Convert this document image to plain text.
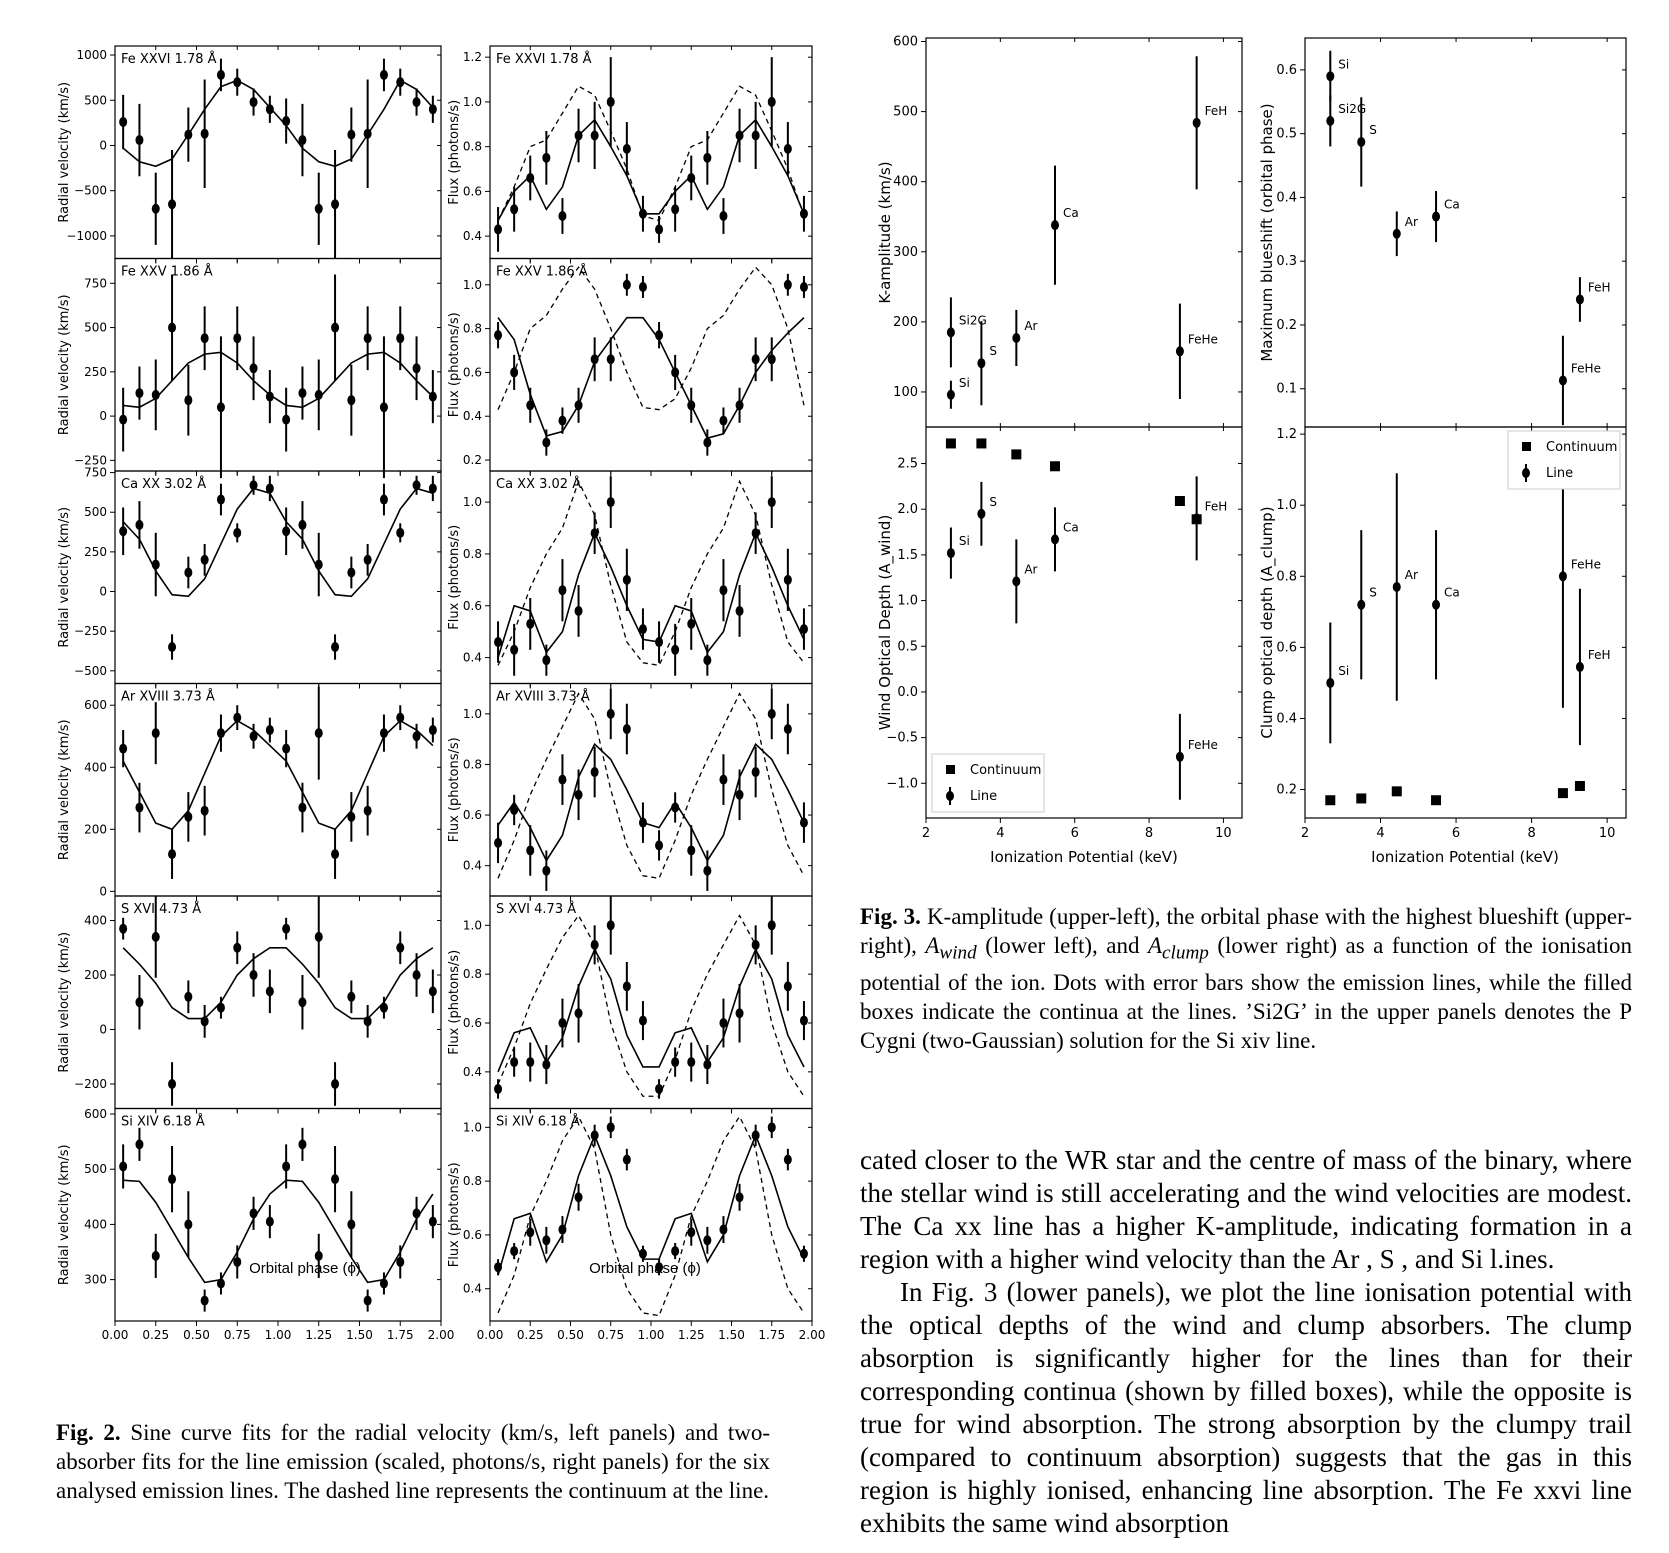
1000
500
0
−500
−1000
Radial velocity (km/s)
Fe XXVI 1.78 Å	1.2
1.0
0.8
0.6
0.4
Flux (photons/s)
Fe XXVI 1.78 Å
750
500
250
0
−250
Radial velocity (km/s)
Fe XXV 1.86 Å
1.0
0.8
0.6
0.4
0.2
Flux (photons/s)
Fe XXV 1.86 Å
750
500
250
0
−250
−500
Radial velocity (km/s)
Ca XX 3.02 Å
1.0
0.8
0.6
0.4
Flux (photons/s)
Ca XX 3.02 Å
600
400
200
0
Radial velocity (km/s)
Ar XVIII 3.73 Å
1.0
0.8
0.6
0.4
Flux (photons/s)
Ar XVIII 3.73 Å
400
200
0
−200
Radial velocity (km/s)
S XVI 4.73 Å
1.0
0.8
0.6
0.4
Flux (photons/s)
S XVI 4.73 Å
600
500
400
300
0.00 0.25 0.50 0.75 1.00 1.25 1.50 1.75 2.00
Radial velocity (km/s)
Si XIV 6.18 Å	1.0
0.8
0.6
0.4
0.00 0.25 0.50 0.75 1.00 1.25 1.50 1.75 2.00
Flux (photons/s)
Si XIV 6.18 Å
Orbital phase (ϕ)	Orbital phase (ϕ)
Fig. 2. Sine curve fits for the radial velocity (km/s, left panels) and two-absorber fits for the line emission (scaled, photons/s, right panels) for the six analysed emission lines. The dashed line represents the continuum at the line.
600
500
400
300
200
100
K-amplitude (km/s)
Si
Si2G
S
Ar
Ca
FeHe
FeH
0.6
0.5
0.4
0.3
0.2
0.1
Maximum blueshift (orbital phase)
Si
Si2G
S
Ar
Ca
FeHe
FeH
2.5
2.0
1.5
1.0
0.5
0.0
−0.5
−1.0
2	4	6	8	10
Wind Optical Depth (A_wind)	Si
S
Ar
Ca
FeHe
FeH
Continuum
Line
1.2
1.0
0.8
0.6
0.4
0.2
2	4	6	8	10
Clump optical depth (A_clump)	Si
S
Ar
Ca
FeHe
FeH
Continuum
Line
Ionization Potential (keV)	Ionization Potential (keV)
Fig. 3. K-amplitude (upper-left), the orbital phase with the highest blueshift (upper-right), $A_{wind}$ (lower left), and $A_{clump}$ (lower right) as a function of the ionisation potential of the ion. Dots with error bars show the emission lines, while the filled boxes indicate the continua at the lines. ’Si2G’ in the upper panels denotes the P Cygni (two-Gaussian) solution for the Si xiv line.

cated closer to the WR star and the centre of mass of the binary, where the stellar wind is still accelerating and the wind velocities are modest. The Ca xx line has a higher K-amplitude, indicating formation in a region with a higher wind velocity than the Ar , S , and Si l.ines.

In Fig. 3 (lower panels), we plot the line ionisation potential with the optical depths of the wind and clump absorbers. The clump absorption is significantly higher for the lines than for their corresponding continua (shown by filled boxes), while the opposite is true for wind absorption. The strong absorption by the clumpy trail (compared to continuum absorption) suggests that the gas in this region is highly ionised, enhancing line absorption. The Fe xxvi line exhibits the same wind absorption
